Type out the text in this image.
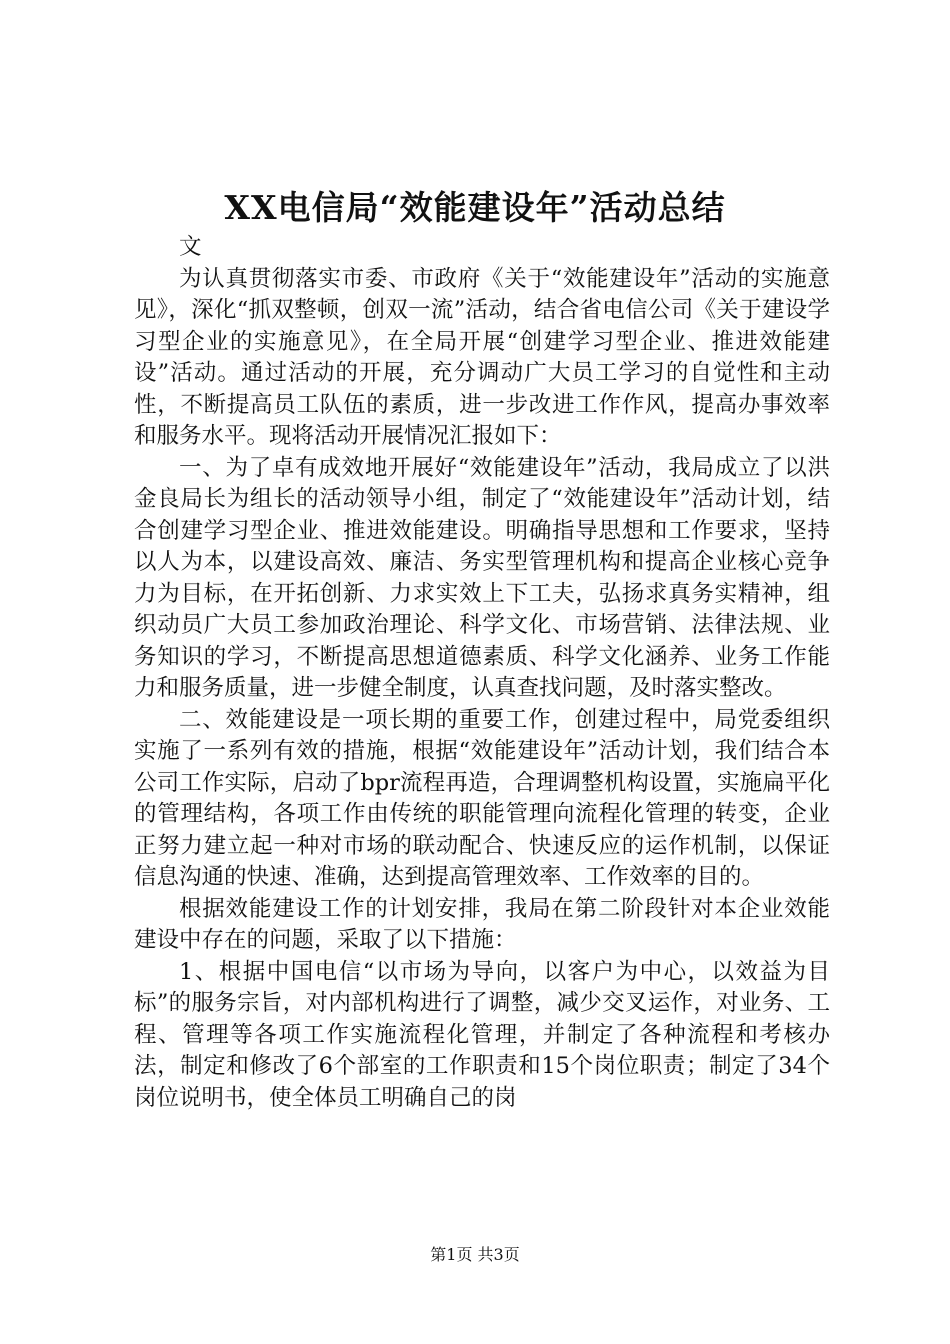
XX电信局“效能建设年”活动总结

文

为认真贯彻落实市委、市政府《关于“效能建设年”活动的实施意见》，深化“抓双整顿，创双一流”活动，结合省电信公司《关于建设学习型企业的实施意见》，在全局开展“创建学习型企业、推进效能建设”活动。通过活动的开展，充分调动广大员工学习的自觉性和主动性，不断提高员工队伍的素质，进一步改进工作作风，提高办事效率和服务水平。现将活动开展情况汇报如下：

一、为了卓有成效地开展好“效能建设年”活动，我局成立了以洪金良局长为组长的活动领导小组，制定了“效能建设年”活动计划，结合创建学习型企业、推进效能建设。明确指导思想和工作要求，坚持以人为本，以建设高效、廉洁、务实型管理机构和提高企业核心竞争力为目标，在开拓创新、力求实效上下工夫，弘扬求真务实精神，组织动员广大员工参加政治理论、科学文化、市场营销、法律法规、业务知识的学习，不断提高思想道德素质、科学文化涵养、业务工作能力和服务质量，进一步健全制度，认真查找问题，及时落实整改。

二、效能建设是一项长期的重要工作，创建过程中，局党委组织实施了一系列有效的措施，根据“效能建设年”活动计划，我们结合本公司工作实际，启动了bpr流程再造，合理调整机构设置，实施扁平化的管理结构，各项工作由传统的职能管理向流程化管理的转变，企业正努力建立起一种对市场的联动配合、快速反应的运作机制，以保证信息沟通的快速、准确，达到提高管理效率、工作效率的目的。

根据效能建设工作的计划安排，我局在第二阶段针对本企业效能建设中存在的问题，采取了以下措施：

1、根据中国电信“以市场为导向，以客户为中心，以效益为目标”的服务宗旨，对内部机构进行了调整，减少交叉运作，对业务、工程、管理等各项工作实施流程化管理，并制定了各种流程和考核办法，制定和修改了6个部室的工作职责和15个岗位职责；制定了34个岗位说明书，使全体员工明确自己的岗

第1页 共3页
